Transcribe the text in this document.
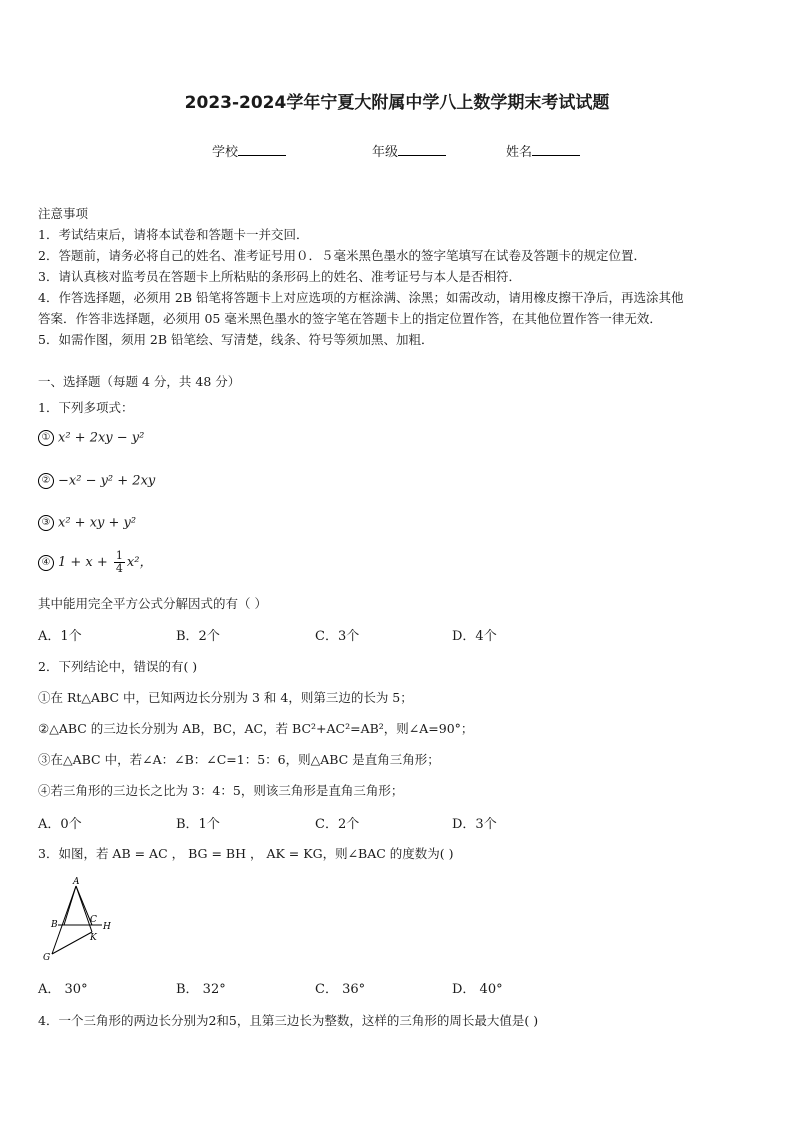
2023-2024学年宁夏大附属中学八上数学期末考试试题
学校	年级	姓名
注意事项
1．考试结束后，请将本试卷和答题卡一并交回．
2．答题前，请务必将自己的姓名、准考证号用０．５毫米黑色墨水的签字笔填写在试卷及答题卡的规定位置．
3．请认真核对监考员在答题卡上所粘贴的条形码上的姓名、准考证号与本人是否相符．
4．作答选择题，必须用 2B 铅笔将答题卡上对应选项的方框涂满、涂黑；如需改动，请用橡皮擦干净后，再选涂其他
答案．作答非选择题，必须用 05 毫米黑色墨水的签字笔在答题卡上的指定位置作答，在其他位置作答一律无效．
5．如需作图，须用 2B 铅笔绘、写清楚，线条、符号等须加黑、加粗．
一、选择题（每题 4 分，共 48 分）
1．下列多项式：
① x² + 2xy − y²
② −x² − y² + 2xy
③ x² + xy + y²
④ $1 + x + \frac{1}{4} x^2$，
其中能用完全平方公式分解因式的有（ ）
A．1个	B．2个	C．3个	D．4个
2．下列结论中，错误的有( )
①在 Rt△ABC 中，已知两边长分别为 3 和 4，则第三边的长为 5；
②△ABC 的三边长分别为 AB，BC，AC，若 BC²+AC²=AB²，则∠A=90°；
③在△ABC 中，若∠A：∠B：∠C=1：5：6，则△ABC 是直角三角形；
④若三角形的三边长之比为 3：4：5，则该三角形是直角三角形；
A．0个	B．1个	C．2个	D．3个
3．如图，若 AB = AC ， BG = BH ， AK = KG，则∠BAC 的度数为( )
A
B	C
H
K
G
A． 30°	B． 32°	C． 36°	D． 40°
4．一个三角形的两边长分别为2和5，且第三边长为整数，这样的三角形的周长最大值是( )
